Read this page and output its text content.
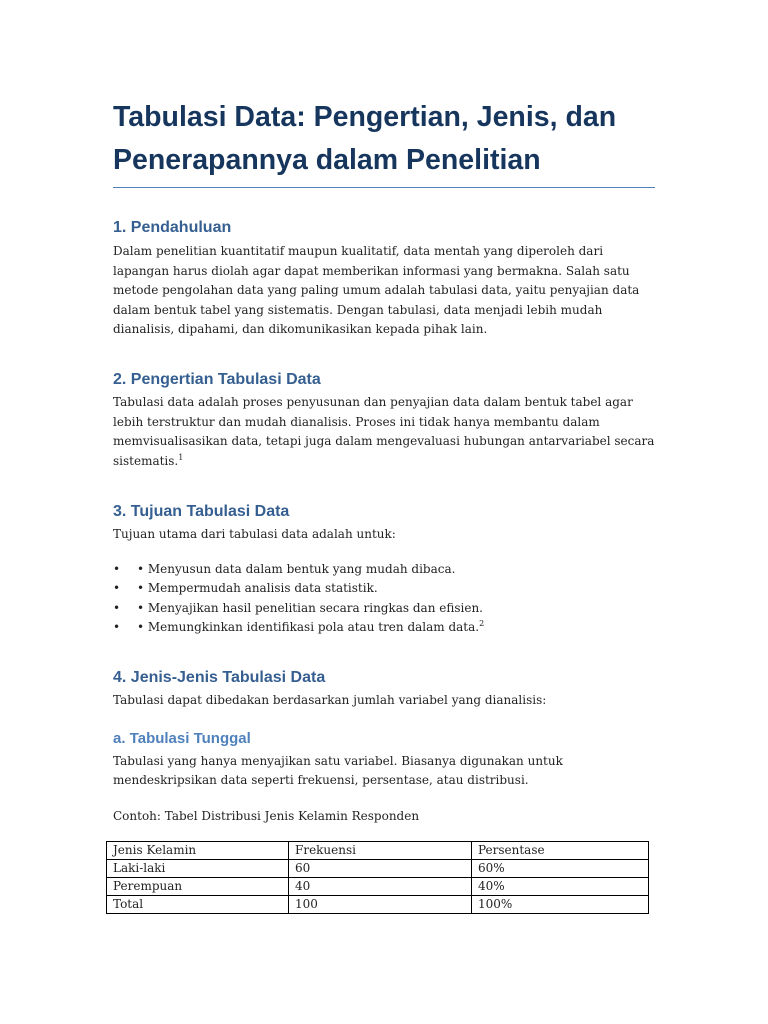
Tabulasi Data: Pengertian, Jenis, dan Penerapannya dalam Penelitian
1. Pendahuluan

Dalam penelitian kuantitatif maupun kualitatif, data mentah yang diperoleh dari lapangan harus diolah agar dapat memberikan informasi yang bermakna. Salah satu metode pengolahan data yang paling umum adalah tabulasi data, yaitu penyajian data dalam bentuk tabel yang sistematis. Dengan tabulasi, data menjadi lebih mudah dianalisis, dipahami, dan dikomunikasikan kepada pihak lain.

2. Pengertian Tabulasi Data

Tabulasi data adalah proses penyusunan dan penyajian data dalam bentuk tabel agar lebih terstruktur dan mudah dianalisis. Proses ini tidak hanya membantu dalam memvisualisasikan data, tetapi juga dalam mengevaluasi hubungan antarvariabel secara sistematis.$^1$

3. Tujuan Tabulasi Data

Tujuan utama dari tabulasi data adalah untuk:

• • Menyusun data dalam bentuk yang mudah dibaca.
• • Mempermudah analisis data statistik.
• • Menyajikan hasil penelitian secara ringkas dan efisien.
• • Memungkinkan identifikasi pola atau tren dalam data.$^2$
4. Jenis-Jenis Tabulasi Data

Tabulasi dapat dibedakan berdasarkan jumlah variabel yang dianalisis:

a. Tabulasi Tunggal

Tabulasi yang hanya menyajikan satu variabel. Biasanya digunakan untuk mendeskripsikan data seperti frekuensi, persentase, atau distribusi.

Contoh: Tabel Distribusi Jenis Kelamin Responden

Jenis Kelamin	Frekuensi	Persentase
Laki-laki	60	60%
Perempuan	40	40%
Total	100	100%
